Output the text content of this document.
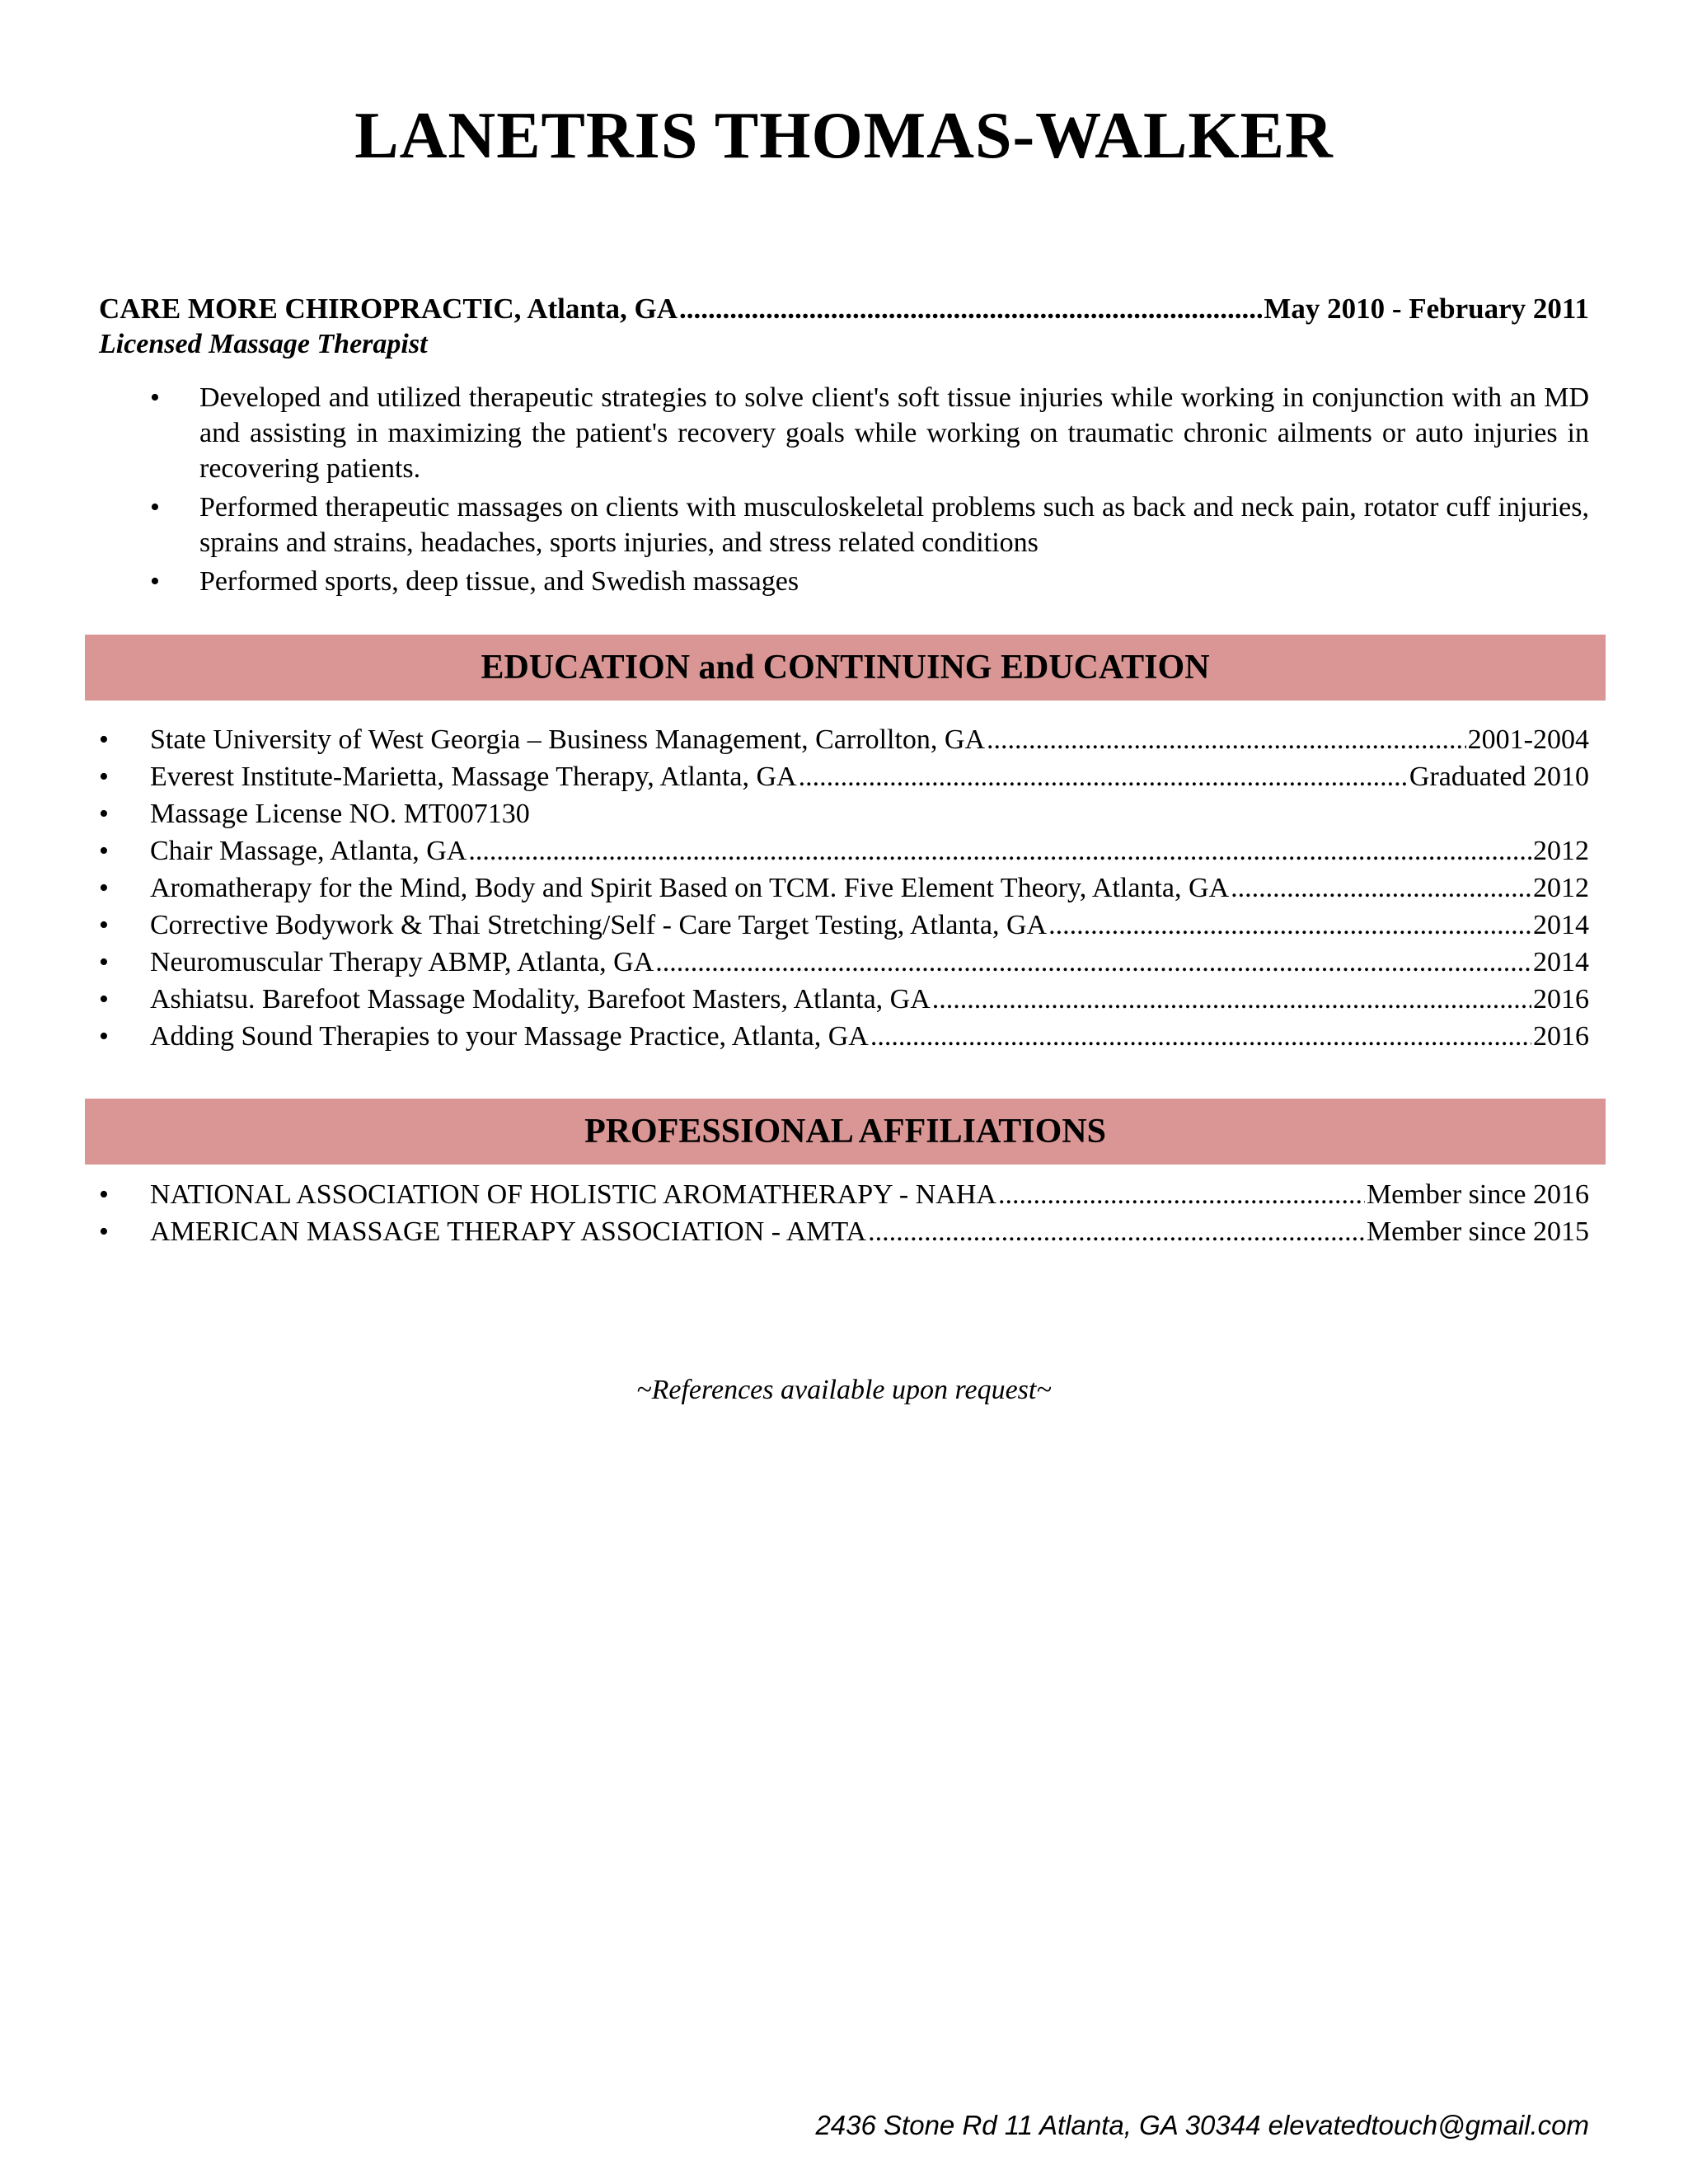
LANETRIS THOMAS-WALKER
CARE MORE CHIROPRACTIC, Atlanta, GA .....	May 2010 - February 2011
Licensed Massage Therapist
• Developed and utilized therapeutic strategies to solve client's soft tissue injuries while working in conjunction with an MD and assisting in maximizing the patient's recovery goals while working on traumatic chronic ailments or auto injuries in recovering patients.
• Performed therapeutic massages on clients with musculoskeletal problems such as back and neck pain, rotator cuff injuries, sprains and strains, headaches, sports injuries, and stress related conditions
• Performed sports, deep tissue, and Swedish massages
EDUCATION and CONTINUING EDUCATION
• State University of West Georgia – Business Management, Carrollton, GA .....	2001-2004
• Everest Institute-Marietta, Massage Therapy, Atlanta, GA .....	Graduated 2010
• Massage License NO. MT007130
• Chair Massage, Atlanta, GA .....	2012
• Aromatherapy for the Mind, Body and Spirit Based on TCM. Five Element Theory, Atlanta, GA .....	2012
• Corrective Bodywork & Thai Stretching/Self - Care Target Testing, Atlanta, GA .....	2014
• Neuromuscular Therapy ABMP, Atlanta, GA .....	2014
• Ashiatsu. Barefoot Massage Modality, Barefoot Masters, Atlanta, GA .....	2016
• Adding Sound Therapies to your Massage Practice, Atlanta, GA .....	2016
PROFESSIONAL AFFILIATIONS
• NATIONAL ASSOCIATION OF HOLISTIC AROMATHERAPY - NAHA .....	Member since 2016
• AMERICAN MASSAGE THERAPY ASSOCIATION - AMTA .....	Member since 2015
~References available upon request~
2436 Stone Rd 11 Atlanta, GA 30344 elevatedtouch@gmail.com
